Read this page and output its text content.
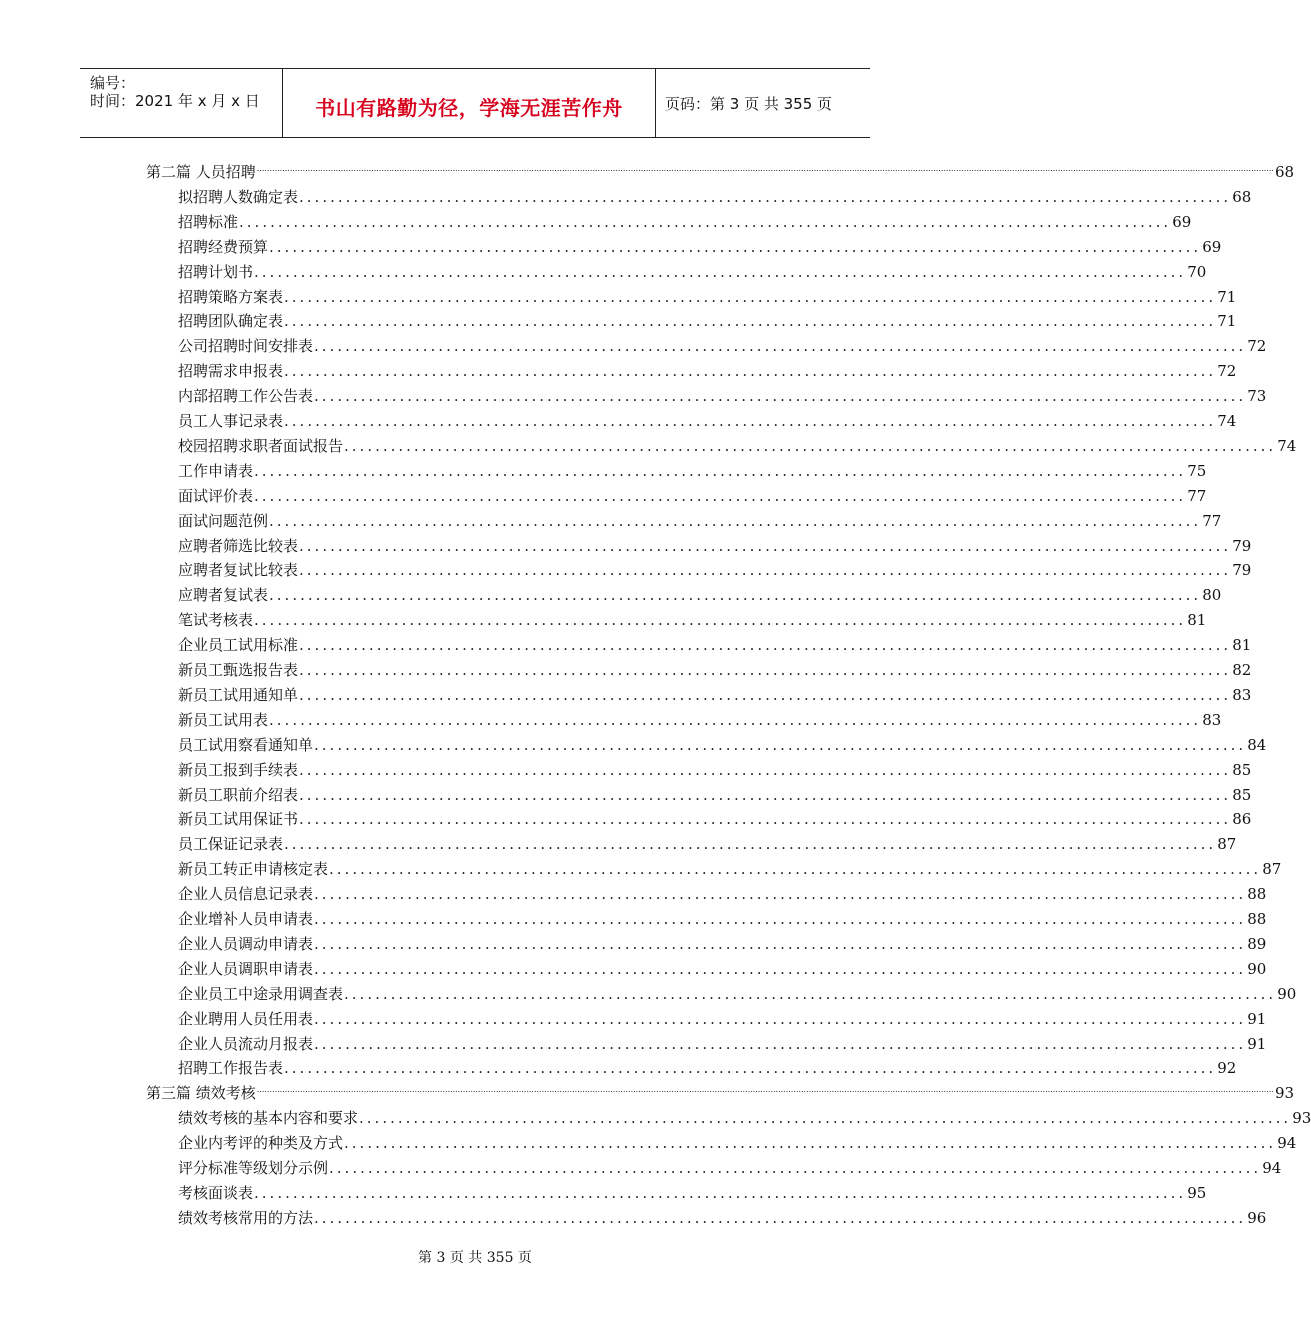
编号：
时间：2021 年 x 月 x 日	书山有路勤为径，学海无涯苦作舟	页码：第 3 页 共 355 页
第二篇 人员招聘 ................................................................................................................................................................................................................................................................................................................................................................................................................ 68
拟招聘人数确定表 ........................................................................................................................ 68
招聘标准 ........................................................................................................................ 69
招聘经费预算 ........................................................................................................................ 69
招聘计划书 ........................................................................................................................ 70
招聘策略方案表 ........................................................................................................................ 71
招聘团队确定表 ........................................................................................................................ 71
公司招聘时间安排表 ........................................................................................................................ 72
招聘需求申报表 ........................................................................................................................ 72
内部招聘工作公告表 ........................................................................................................................ 73
员工人事记录表 ........................................................................................................................ 74
校园招聘求职者面试报告 ........................................................................................................................ 74
工作申请表 ........................................................................................................................ 75
面试评价表 ........................................................................................................................ 77
面试问题范例 ........................................................................................................................ 77
应聘者筛选比较表 ........................................................................................................................ 79
应聘者复试比较表 ........................................................................................................................ 79
应聘者复试表 ........................................................................................................................ 80
笔试考核表 ........................................................................................................................ 81
企业员工试用标准 ........................................................................................................................ 81
新员工甄选报告表 ........................................................................................................................ 82
新员工试用通知单 ........................................................................................................................ 83
新员工试用表 ........................................................................................................................ 83
员工试用察看通知单 ........................................................................................................................ 84
新员工报到手续表 ........................................................................................................................ 85
新员工职前介绍表 ........................................................................................................................ 85
新员工试用保证书 ........................................................................................................................ 86
员工保证记录表 ........................................................................................................................ 87
新员工转正申请核定表 ........................................................................................................................ 87
企业人员信息记录表 ........................................................................................................................ 88
企业增补人员申请表 ........................................................................................................................ 88
企业人员调动申请表 ........................................................................................................................ 89
企业人员调职申请表 ........................................................................................................................ 90
企业员工中途录用调查表 ........................................................................................................................ 90
企业聘用人员任用表 ........................................................................................................................ 91
企业人员流动月报表 ........................................................................................................................ 91
招聘工作报告表 ........................................................................................................................ 92
第三篇 绩效考核 ................................................................................................................................................................................................................................................................................................................................................................................................................ 93
绩效考核的基本内容和要求 ........................................................................................................................ 93
企业内考评的种类及方式 ........................................................................................................................ 94
评分标准等级划分示例 ........................................................................................................................ 94
考核面谈表 ........................................................................................................................ 95
绩效考核常用的方法 ........................................................................................................................ 96
第 3 页 共 355 页
